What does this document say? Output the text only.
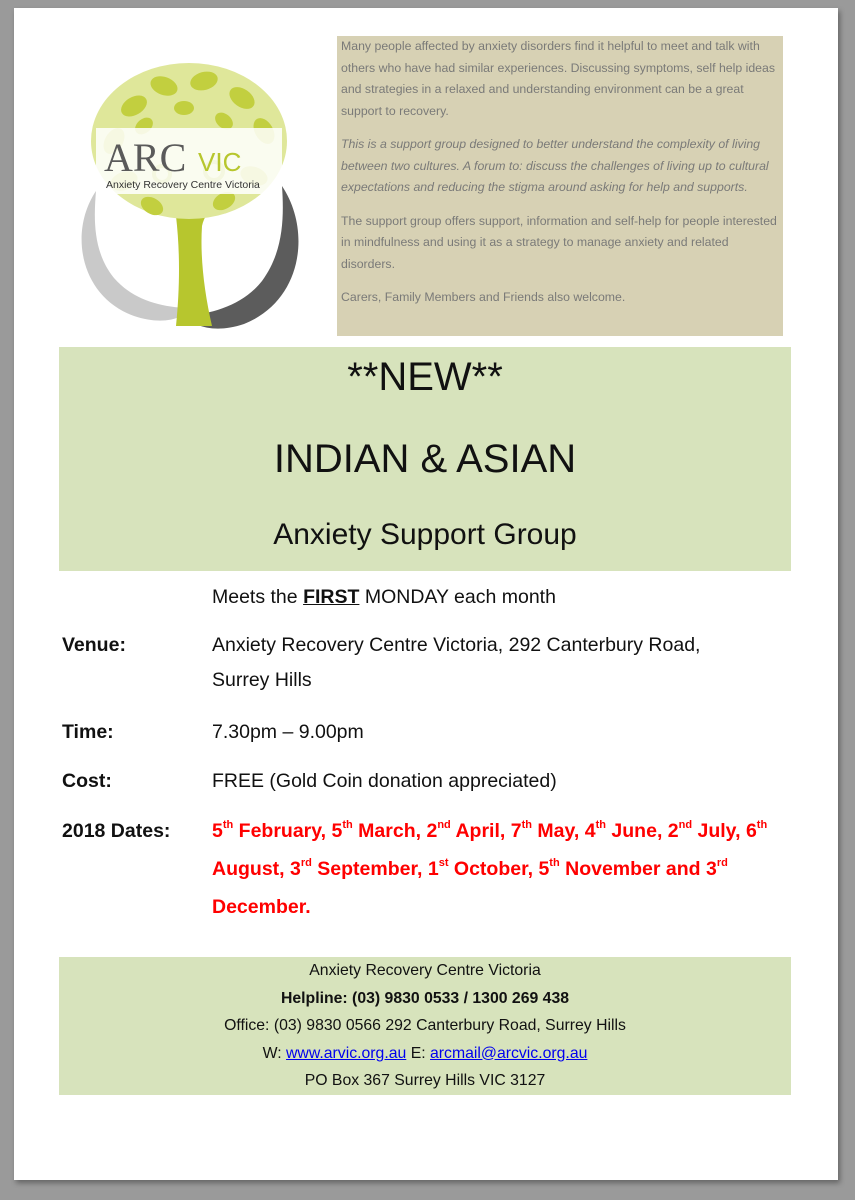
ARC VIC
Anxiety Recovery Centre Victoria

Many people affected by anxiety disorders find it helpful to meet and talk with others who have had similar experiences. Discussing symptoms, self help ideas and strategies in a relaxed and understanding environment can be a great support to recovery.

This is a support group designed to better understand the complexity of living between two cultures. A forum to: discuss the challenges of living up to cultural expectations and reducing the stigma around asking for help and supports.

The support group offers support, information and self-help for people interested in mindfulness and using it as a strategy to manage anxiety and related disorders.

Carers, Family Members and Friends also welcome.

**NEW**
INDIAN & ASIAN
Anxiety Support Group
Meets the FIRST MONDAY each month
Venue:	Anxiety Recovery Centre Victoria, 292 Canterbury Road,
Surrey Hills
Time:	7.30pm – 9.00pm
Cost:	FREE (Gold Coin donation appreciated)
2018 Dates: 5th February, 5th March, 2nd April, 7th May, 4th June, 2nd July, 6th August, 3rd September, 1st October, 5th November and 3rd December.
Anxiety Recovery Centre Victoria
Helpline: (03) 9830 0533 / 1300 269 438
Office: (03) 9830 0566 292 Canterbury Road, Surrey Hills
W: www.arvic.org.au E: arcmail@arcvic.org.au
PO Box 367 Surrey Hills VIC 3127
